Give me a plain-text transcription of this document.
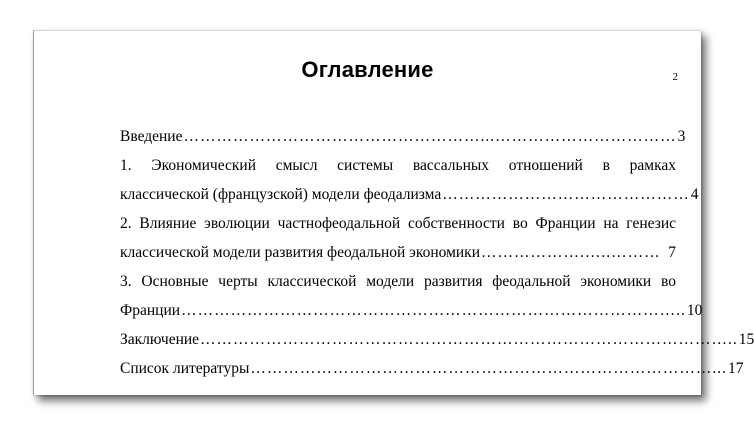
Оглавление	2
Введение ………………………………………………...…………………………… 3
1. Экономический смысл системы вассальных отношений в рамках
классической (французской) модели феодализма ……………………………………… 4
2. Влияние эволюции частнофеодальной собственности во Франции на генезис
классической модели развития феодальной экономики ……………….…..……… 7
3. Основные черты классической модели развития феодальной экономики во
Франции ……………………………………………………………………………….. 10
Заключение …………………………………………………………………………………….. 15
Список литературы …………………………………………………………………………... 17
